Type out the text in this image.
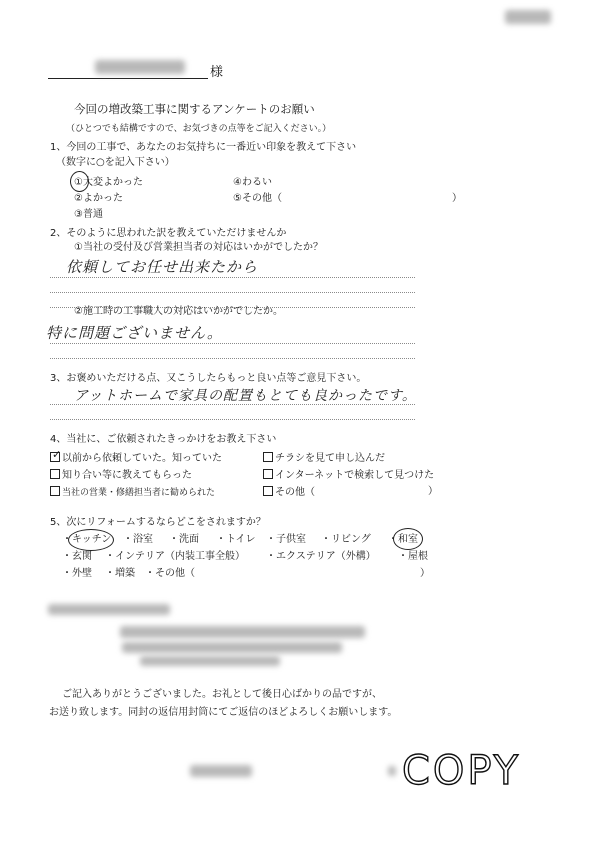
様
今回の増改築工事に関するアンケートのお願い
（ひとつでも結構ですので、お気づきの点等をご記入ください。）
1、今回の工事で、あなたのお気持ちに一番近い印象を教えて下さい
（数字に○を記入下さい）
①大変よかった	④わるい
②よかった	⑤その他（	）
③普通
2、そのように思われた訳を教えていただけませんか
①当社の受付及び営業担当者の対応はいかがでしたか？
依頼してお任せ出来たから
②施工時の工事職人の対応はいかがでしたか。
特に問題ございません。
3、お褒めいただける点、又こうしたらもっと良い点等ご意見下さい。
アットホームで家具の配置もとても良かったです。
4、当社に、ご依頼されたきっかけをお教え下さい
✓ 以前から依頼していた。知っていた	チラシを見て申し込んだ
知り合い等に教えてもらった	インターネットで検索して見つけた
当社の営業・修繕担当者に勧められた	その他（	）
5、次にリフォームするならどこをされますか？
・キッチン ・浴室 ・洗面 ・トイレ ・子供室 ・リビング ・和室
・玄関 ・インテリア（内装工事全般） ・エクステリア（外構） ・屋根
・外壁 ・増築 ・その他（	）
ご記入ありがとうございました。お礼として後日心ばかりの品ですが、
お送り致します。同封の返信用封筒にてご返信のほどよろしくお願いします。
COPY
